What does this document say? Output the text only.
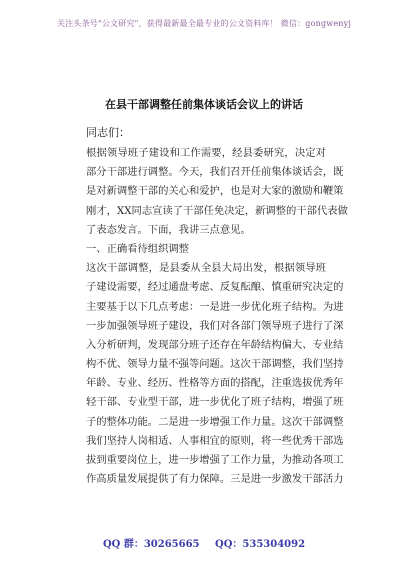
关注头条号"公文研究"，获得最新最全最专业的公文资料库！ 微信：gongwenyj
在县干部调整任前集体谈话会议上的讲话
同志们：
根据领导班子建设和工作需要，经县委研究，决定对
部分干部进行调整。今天，我们召开任前集体谈话会，既
是对新调整干部的关心和爱护，也是对大家的激励和鞭策
刚才，XX同志宣读了干部任免决定，新调整的干部代表做
了表态发言。下面，我讲三点意见。
一、正确看待组织调整
这次干部调整，是县委从全县大局出发，根据领导班
子建设需要，经过通盘考虑、反复酝酿、慎重研究决定的
主要基于以下几点考虑：一是进一步优化班子结构。为进
一步加强领导班子建设，我们对各部门领导班子进行了深
入分析研判，发现部分班子还存在年龄结构偏大、专业结
构不优、领导力量不强等问题。这次干部调整，我们坚持
年龄、专业、经历、性格等方面的搭配，注重选拔优秀年
轻干部、专业型干部，进一步优化了班子结构，增强了班
子的整体功能。二是进一步增强工作力量。这次干部调整
我们坚持人岗相适、人事相宜的原则，将一些优秀干部选
拔到重要岗位上，进一步增强了工作力量，为推动各项工
作高质量发展提供了有力保障。三是进一步激发干部活力
QQ 群：30265665 QQ：535304092
